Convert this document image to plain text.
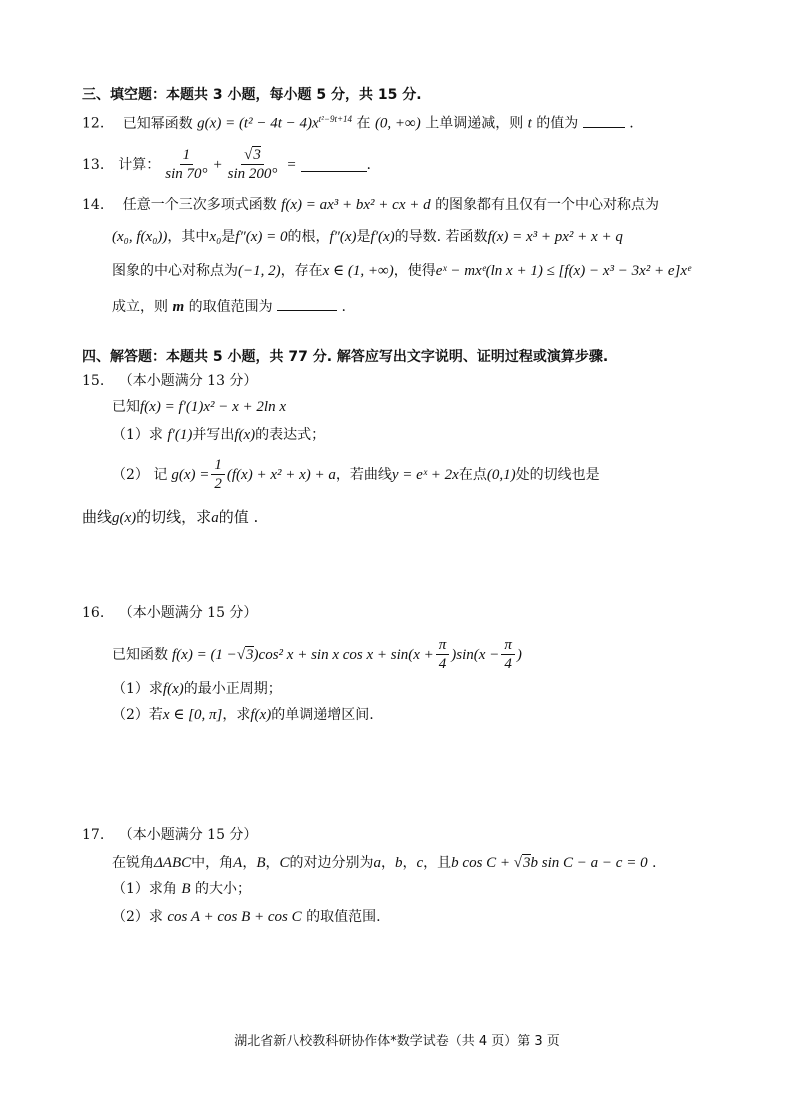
三、填空题：本题共 3 小题，每小题 5 分，共 15 分.
12. 已知幂函数 $g(x) = (t^2 - 4t - 4)x^{t^2-9t+14}$ 在 (0, +∞) 上单调递减，则 t 的值为	.
13. 计算： $\frac{1}{\sin 70^\circ} + \frac{√3}{\sin 200^\circ}$ =	.
14. 任意一个三次多项式函数 f(x) = ax³ + bx² + cx + d 的图象都有且仅有一个中心对称点为
(x₀, f(x₀))，其中x₀是f″(x) = 0的根，f″(x)是f′(x)的导数. 若函数f(x) = x³ + px² + x + q
图象的中心对称点为(−1, 2)，存在x ∈ (1, +∞)，使得eˣ − mxᵉ(ln x + 1) ≤ [f(x) − x³ − 3x² + e]xᵉ
成立，则 m 的取值范围为	.
四、解答题：本题共 5 小题，共 77 分. 解答应写出文字说明、证明过程或演算步骤.
15. （本小题满分 13 分）
已知f(x) = f′(1)x² − x + 2ln x
（1）求 f′(1)并写出f(x)的表达式；
（2） 记 $g(x) = \frac{1}{2} (f(x) + x^2 + x) + a$ ，若曲线 y = eˣ + 2x 在点 (0,1) 处的切线也是
曲线g(x)的切线，求a的值 .
16. （本小题满分 15 分）
已知函数 f(x) = (1 − √3 )cos² x + sin x $\cos x + \sin(x + \frac{\pi}{4} )\sin(x - \frac{\pi}{4}$ )
（1）求f(x)的最小正周期；
（2）若x ∈ [0, π]，求f(x)的单调递增区间.
17. （本小题满分 15 分）
在锐角ΔABC中，角A，B，C的对边分别为a，b，c，且b cos C + √3b sin C − a − c = 0 .
（1）求角 B 的大小；
（2）求 cos A + cos B + cos C 的取值范围.
湖北省新八校教科研协作体*数学试卷（共 4 页）第 3 页
